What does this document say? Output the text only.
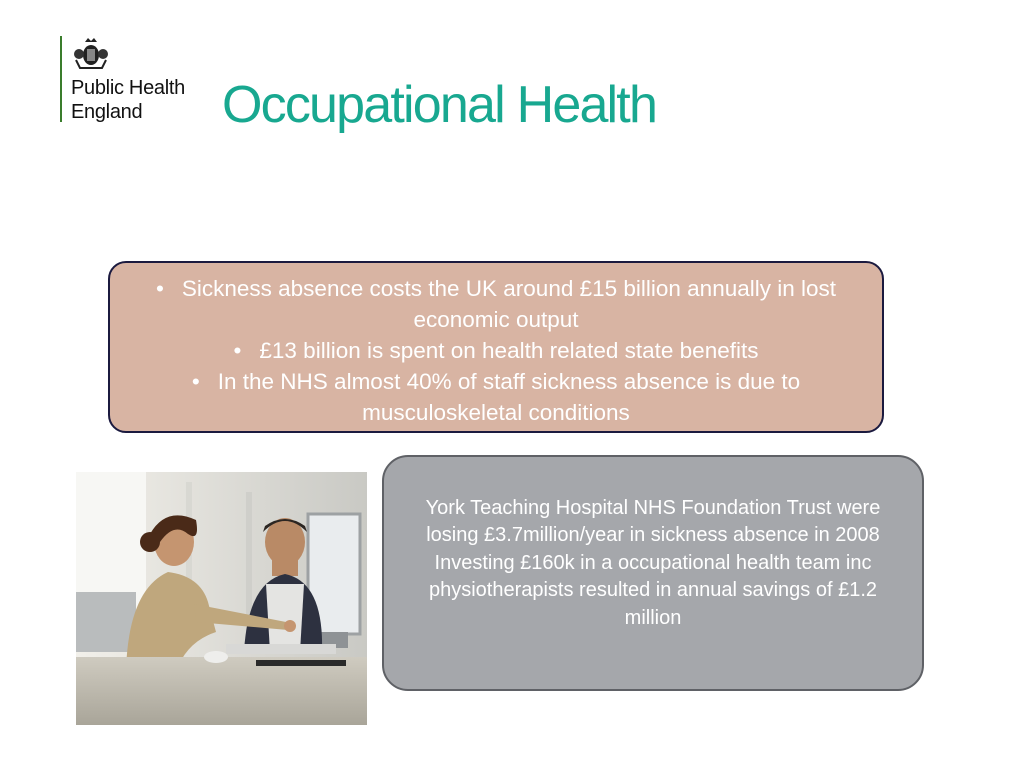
Public Health
England	Occupational Health
• Sickness absence costs the UK around £15 billion annually in lost economic output
• £13 billion is spent on health related state benefits
• In the NHS almost 40% of staff sickness absence is due to musculoskeletal conditions

York Teaching Hospital NHS Foundation Trust were losing £3.7million/year in sickness absence in 2008

Investing £160k in a occupational health team inc physiotherapists resulted in annual savings of £1.2 million
